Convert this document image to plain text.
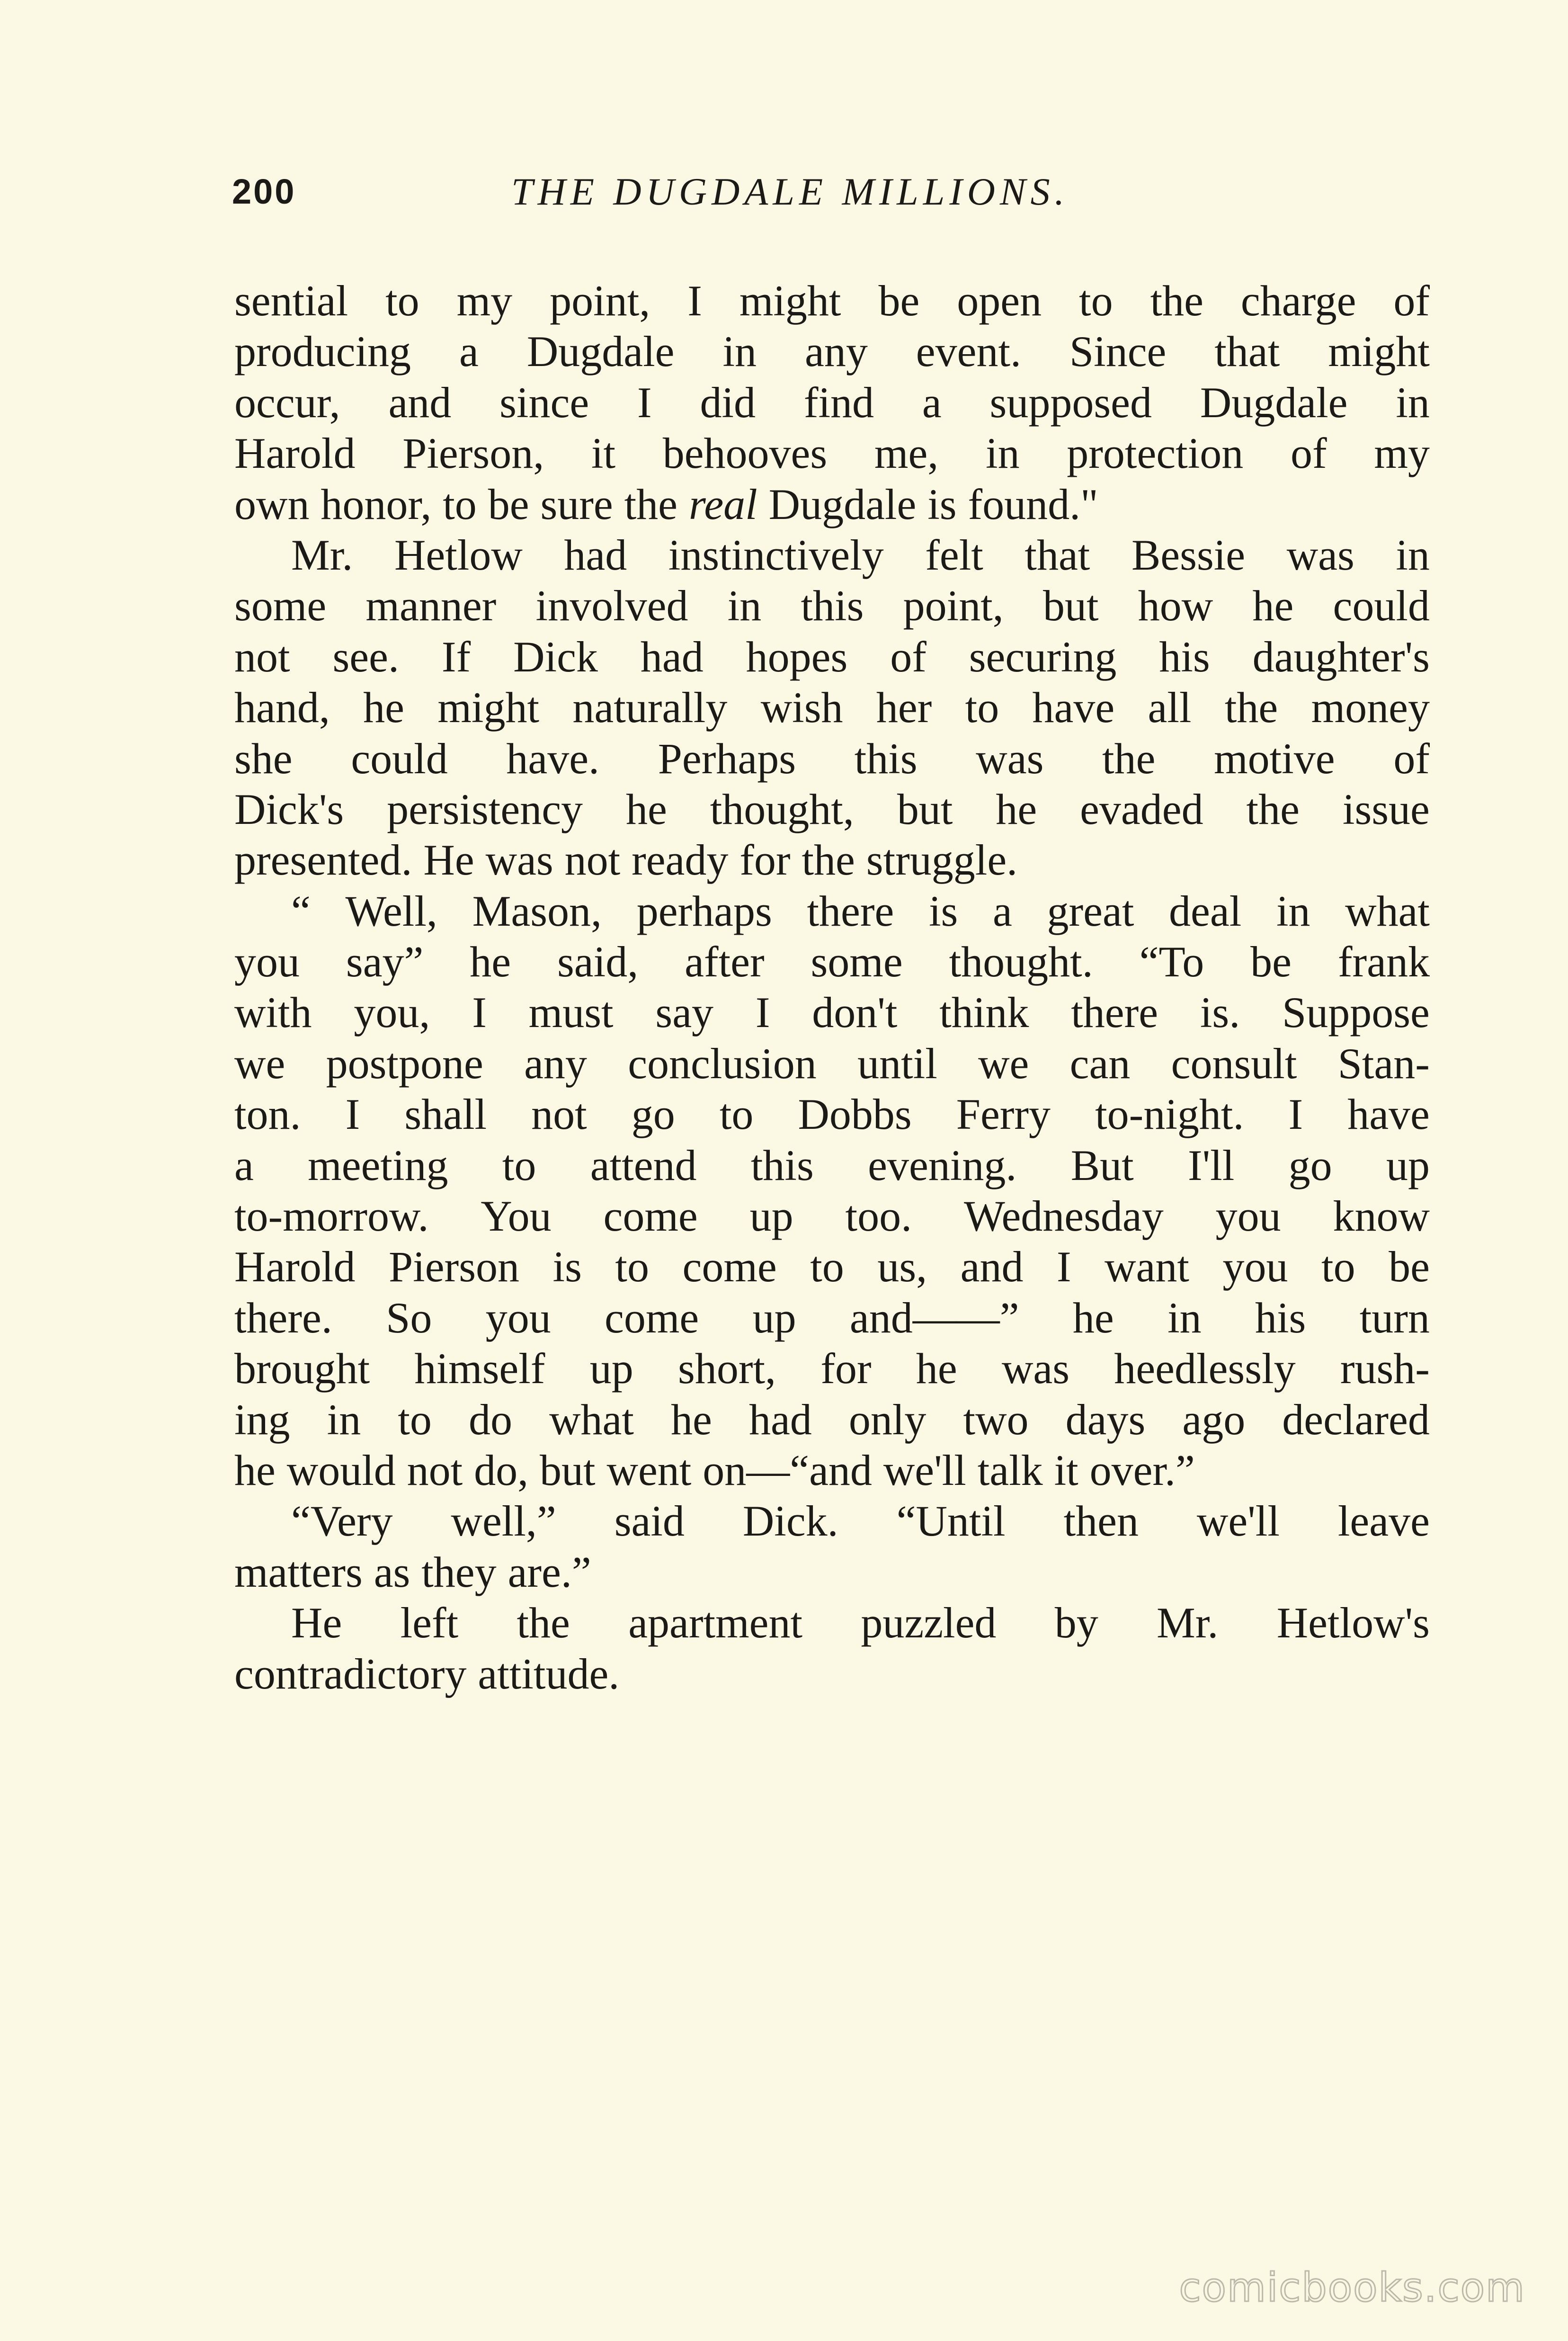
200	THE DUGDALE MILLIONS.
sential to my point, I might be open to the charge of
producing a Dugdale in any event. Since that might
occur, and since I did find a supposed Dugdale in
Harold Pierson, it behooves me, in protection of my
own honor, to be sure the real Dugdale is found."
Mr. Hetlow had instinctively felt that Bessie was in
some manner involved in this point, but how he could
not see. If Dick had hopes of securing his daughter's
hand, he might naturally wish her to have all the money
she could have. Perhaps this was the motive of
Dick's persistency he thought, but he evaded the issue
presented. He was not ready for the struggle.
“ Well, Mason, perhaps there is a great deal in what
you say” he said, after some thought. “To be frank
with you, I must say I don't think there is. Suppose
we postpone any conclusion until we can consult Stan-
ton. I shall not go to Dobbs Ferry to-night. I have
a meeting to attend this evening. But I'll go up
to-morrow. You come up too. Wednesday you know
Harold Pierson is to come to us, and I want you to be
there. So you come up and——” he in his turn
brought himself up short, for he was heedlessly rush-
ing in to do what he had only two days ago declared
he would not do, but went on—“and we'll talk it over.”
“Very well,” said Dick. “Until then we'll leave
matters as they are.”
He left the apartment puzzled by Mr. Hetlow's
contradictory attitude.
comicbooks.com
